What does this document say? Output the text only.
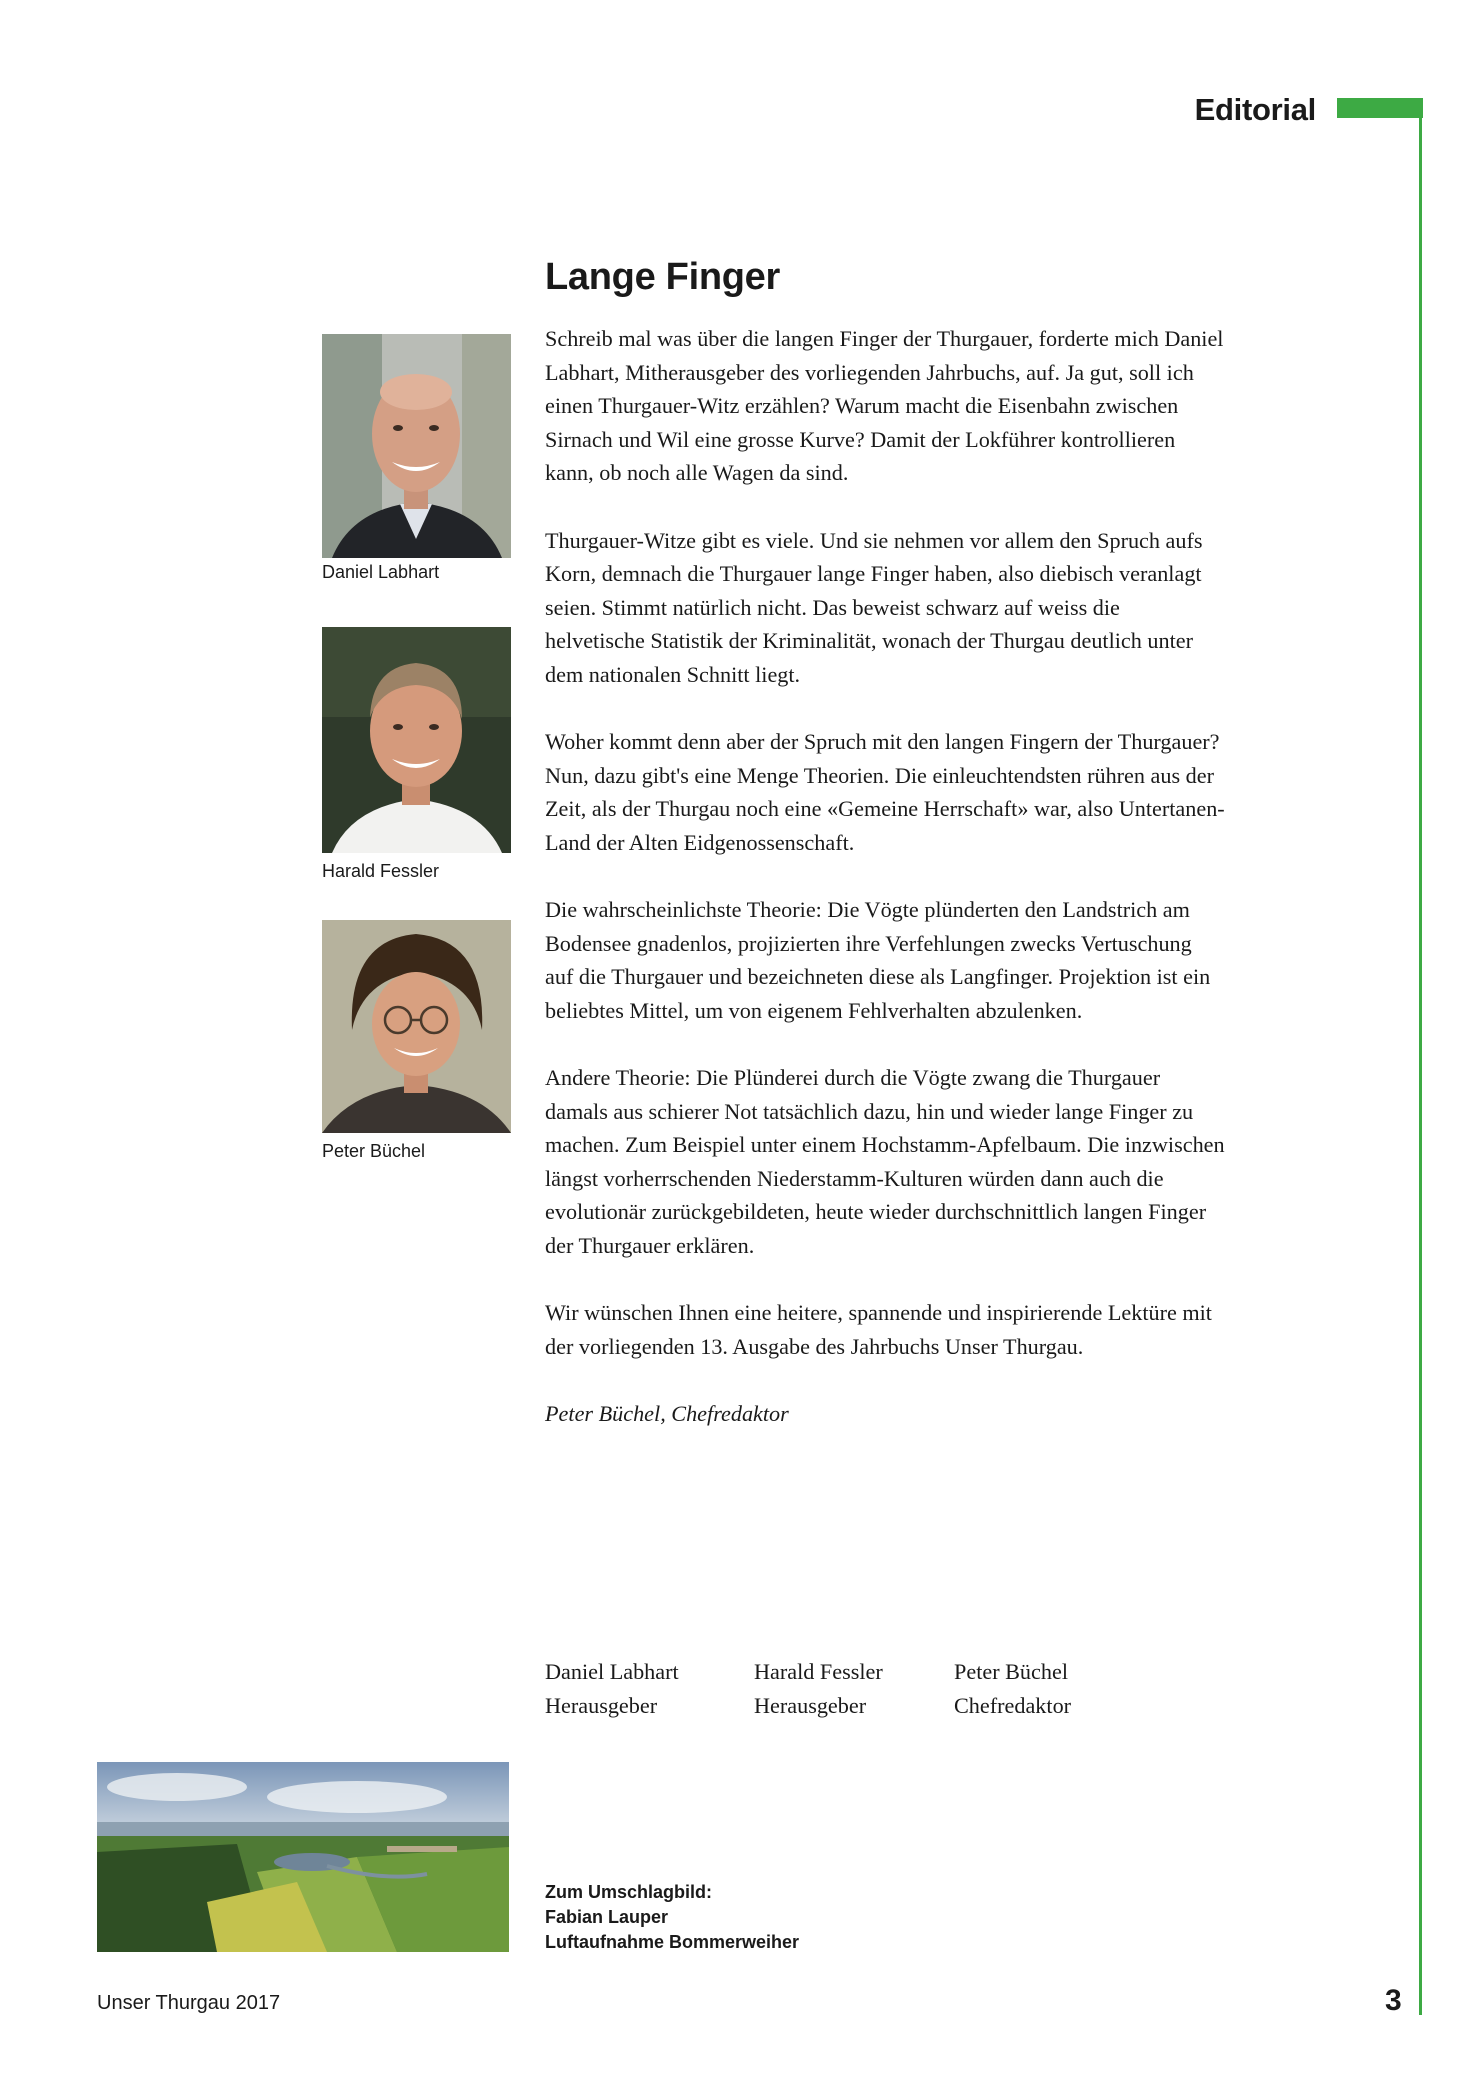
Editorial
Lange Finger

Schreib mal was über die langen Finger der Thurgauer, forderte mich Daniel Labhart, Mitherausgeber des vorliegenden Jahrbuchs, auf. Ja gut, soll ich einen Thurgauer-Witz erzählen? Warum macht die Eisenbahn zwischen Sirnach und Wil eine grosse Kurve? Damit der Lokführer kontrollieren kann, ob noch alle Wagen da sind.

Thurgauer-Witze gibt es viele. Und sie nehmen vor allem den Spruch aufs Korn, demnach die Thurgauer lange Finger haben, also diebisch veranlagt seien. Stimmt natürlich nicht. Das beweist schwarz auf weiss die helvetische Statistik der Kriminalität, wonach der Thurgau deutlich unter dem nationalen Schnitt liegt.

Woher kommt denn aber der Spruch mit den langen Fingern der Thurgauer? Nun, dazu gibt's eine Menge Theorien. Die einleuchtendsten rühren aus der Zeit, als der Thurgau noch eine «Gemeine Herrschaft» war, also Untertanen-Land der Alten Eidgenossenschaft.

Die wahrscheinlichste Theorie: Die Vögte plünderten den Landstrich am Bodensee gnadenlos, projizierten ihre Verfehlungen zwecks Vertuschung auf die Thurgauer und bezeichneten diese als Langfinger. Projektion ist ein beliebtes Mittel, um von eigenem Fehlverhalten abzulenken.

Andere Theorie: Die Plünderei durch die Vögte zwang die Thurgauer damals aus schierer Not tatsächlich dazu, hin und wieder lange Finger zu machen. Zum Beispiel unter einem Hochstamm-Apfelbaum. Die inzwischen längst vorherrschenden Niederstamm-Kulturen würden dann auch die evolutionär zurückgebildeten, heute wieder durchschnittlich langen Finger der Thurgauer erklären.

Wir wünschen Ihnen eine heitere, spannende und inspirierende Lektüre mit der vorliegenden 13. Ausgabe des Jahrbuchs Unser Thurgau.

Peter Büchel, Chefredaktor

Daniel Labhart
Herausgeber
Harald Fessler
Herausgeber
Peter Büchel
Chefredaktor
Daniel Labhart
Harald Fessler
Peter Büchel
Zum Umschlagbild:
Fabian Lauper
Luftaufnahme Bommerweiher
Unser Thurgau 2017	3
